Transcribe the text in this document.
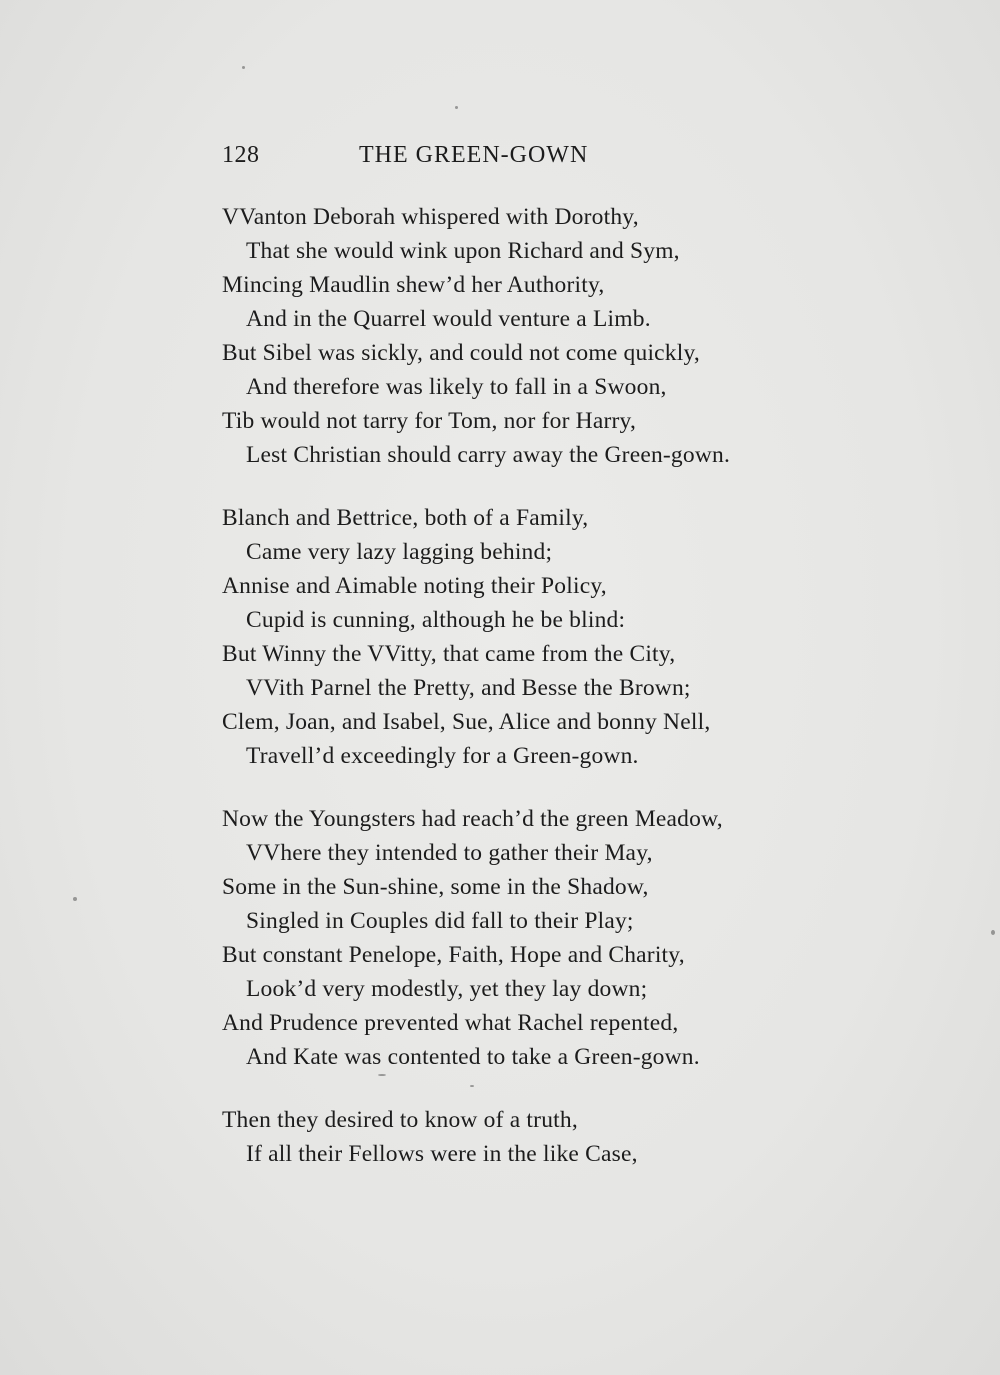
128	THE GREEN-GOWN
VVanton Deborah whispered with Dorothy,
That she would wink upon Richard and Sym,
Mincing Maudlin shew’d her Authority,
And in the Quarrel would venture a Limb.
But Sibel was sickly, and could not come quickly,
And therefore was likely to fall in a Swoon,
Tib would not tarry for Tom, nor for Harry,
Lest Christian should carry away the Green-gown.
Blanch and Bettrice, both of a Family,
Came very lazy lagging behind;
Annise and Aimable noting their Policy,
Cupid is cunning, although he be blind:
But Winny the VVitty, that came from the City,
VVith Parnel the Pretty, and Besse the Brown;
Clem, Joan, and Isabel, Sue, Alice and bonny Nell,
Travell’d exceedingly for a Green-gown.
Now the Youngsters had reach’d the green Meadow,
VVhere they intended to gather their May,
Some in the Sun-shine, some in the Shadow,
Singled in Couples did fall to their Play;
But constant Penelope, Faith, Hope and Charity,
Look’d very modestly, yet they lay down;
And Prudence prevented what Rachel repented,
And Kate was contented to take a Green-gown.
Then they desired to know of a truth,
If all their Fellows were in the like Case,
